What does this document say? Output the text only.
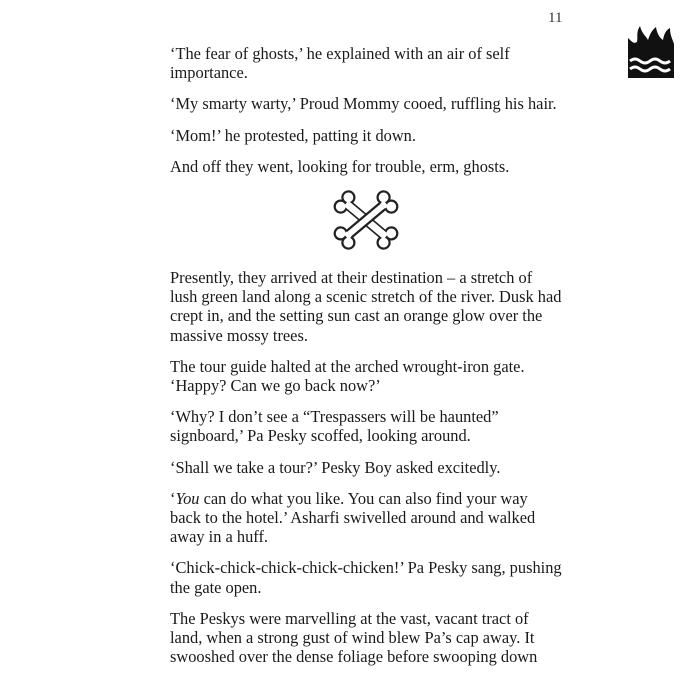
11

‘The fear of ghosts,’ he explained with an air of self importance.

‘My smarty warty,’ Proud Mommy cooed, ruffling his hair.

‘Mom!’ he protested, patting it down.

And off they went, looking for trouble, erm, ghosts.

Presently, they arrived at their destination – a stretch of lush green land along a scenic stretch of the river. Dusk had crept in, and the setting sun cast an orange glow over the massive mossy trees.

The tour guide halted at the arched wrought-iron gate. ‘Happy? Can we go back now?’

‘Why? I don’t see a “Trespassers will be haunted” signboard,’ Pa Pesky scoffed, looking around.

‘Shall we take a tour?’ Pesky Boy asked excitedly.

‘You can do what you like. You can also find your way back to the hotel.’ Asharfi swivelled around and walked away in a huff.

‘Chick-chick-chick-chick-chicken!’ Pa Pesky sang, pushing the gate open.

The Peskys were marvelling at the vast, vacant tract of land, when a strong gust of wind blew Pa’s cap away. It swooshed over the dense foliage before swooping down
